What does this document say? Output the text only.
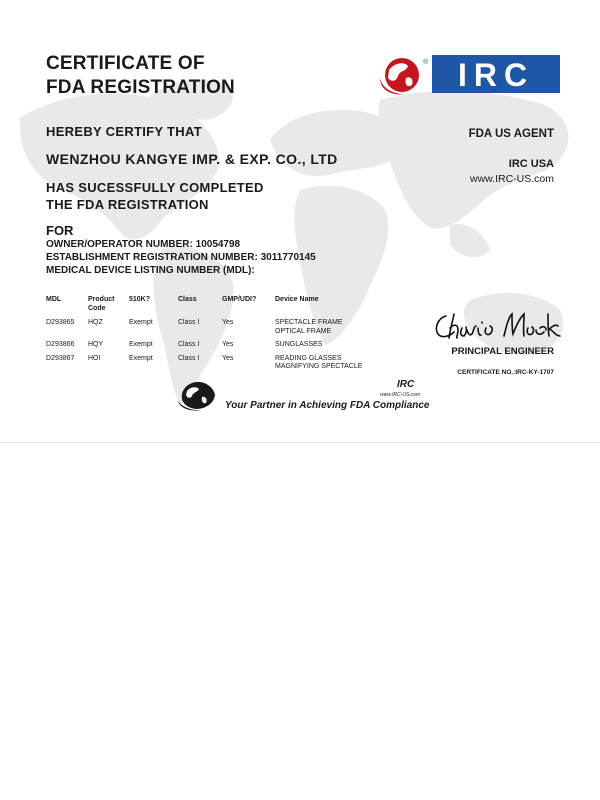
CERTIFICATE OF
FDA REGISTRATION
HEREBY CERTIFY THAT
WENZHOU KANGYE IMP. & EXP. CO., LTD
HAS SUCESSFULLY COMPLETED
THE FDA REGISTRATION
FOR
OWNER/OPERATOR NUMBER: 10054798
ESTABLISHMENT REGISTRATION NUMBER: 3011770145
MEDICAL DEVICE LISTING NUMBER (MDL):
® IRC
FDA US AGENT
IRC USA
www.IRC-US.com
MDL	Product Code	510K?	Class	GMP/UDI?	Device Name
D293865	HQZ	Exempt	Class I	Yes	SPECTACLE FRAME
OPTICAL FRAME

D293866	HQY	Exempt	Class I	Yes	SUNGLASSES

D293867	HOI	Exempt	Class I	Yes	READING GLASSES
MAGNIFYING SPECTACLE
PRINCIPAL ENGINEER
CERTIFICATE NO.:IRC-KY-1707
IRC
www.IRC-US.com
Your Partner in Achieving FDA Compliance
